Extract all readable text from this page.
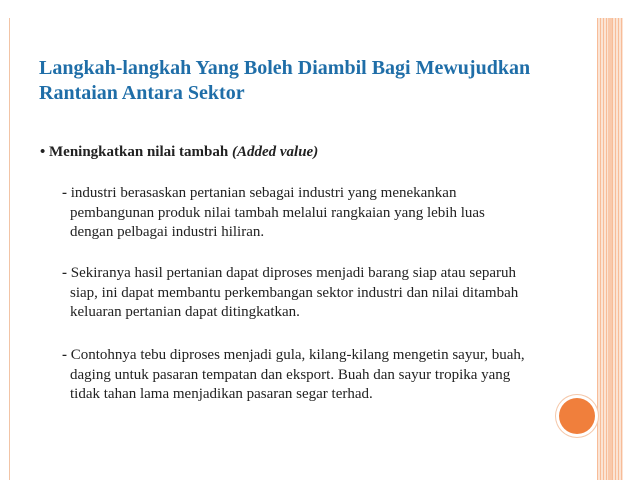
Langkah-langkah Yang Boleh Diambil Bagi Mewujudkan
Rantaian Antara Sektor

• Meningkatkan nilai tambah (Added value)

- industri berasaskan pertanian sebagai industri yang menekankan
pembangunan produk nilai tambah melalui rangkaian yang lebih luas
dengan pelbagai industri hiliran.

- Sekiranya hasil pertanian dapat diproses menjadi barang siap atau separuh
siap, ini dapat membantu perkembangan sektor industri dan nilai ditambah
keluaran pertanian dapat ditingkatkan.

- Contohnya tebu diproses menjadi gula, kilang-kilang mengetin sayur, buah,
daging untuk pasaran tempatan dan eksport. Buah dan sayur tropika yang
tidak tahan lama menjadikan pasaran segar terhad.
